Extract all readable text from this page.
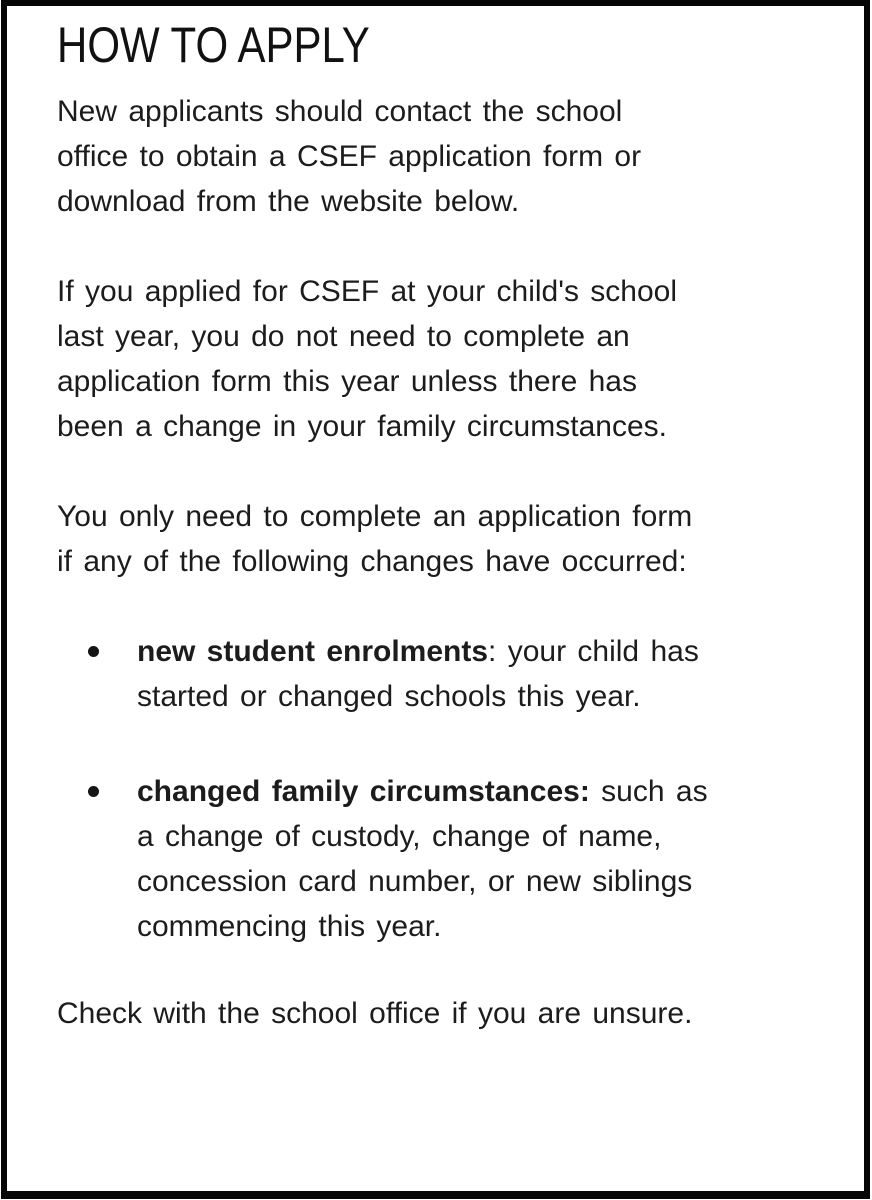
HOW TO APPLY
New applicants should contact the school
office to obtain a CSEF application form or
download from the website below.
If you applied for CSEF at your child's school
last year, you do not need to complete an
application form this year unless there has
been a change in your family circumstances.
You only need to complete an application form
if any of the following changes have occurred:
new student enrolments: your child has
started or changed schools this year.
changed family circumstances: such as
a change of custody, change of name,
concession card number, or new siblings
commencing this year.
Check with the school office if you are unsure.
